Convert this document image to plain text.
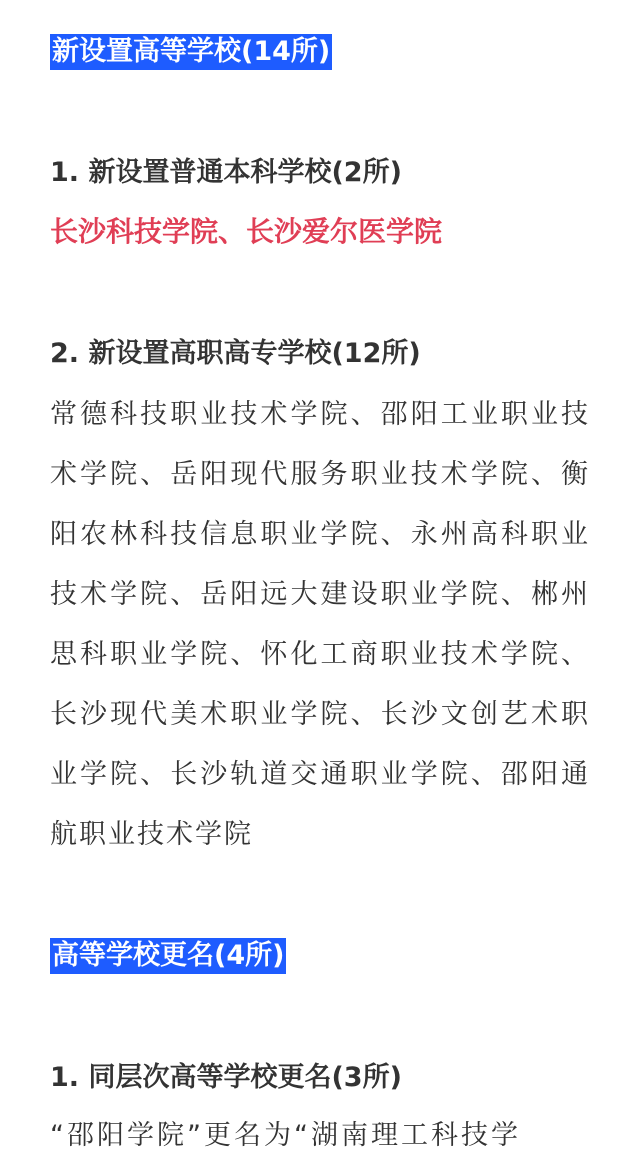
新设置高等学校(14所)
1. 新设置普通本科学校(2所)
长沙科技学院、长沙爱尔医学院
2. 新设置高职高专学校(12所)
常德科技职业技术学院、邵阳工业职业技术学院、岳阳现代服务职业技术学院、衡阳农林科技信息职业学院、永州高科职业技术学院、岳阳远大建设职业学院、郴州思科职业学院、怀化工商职业技术学院、长沙现代美术职业学院、长沙文创艺术职业学院、长沙轨道交通职业学院、邵阳通航职业技术学院
高等学校更名(4所)
1. 同层次高等学校更名(3所)
“邵阳学院”更名为“湖南理工科技学
